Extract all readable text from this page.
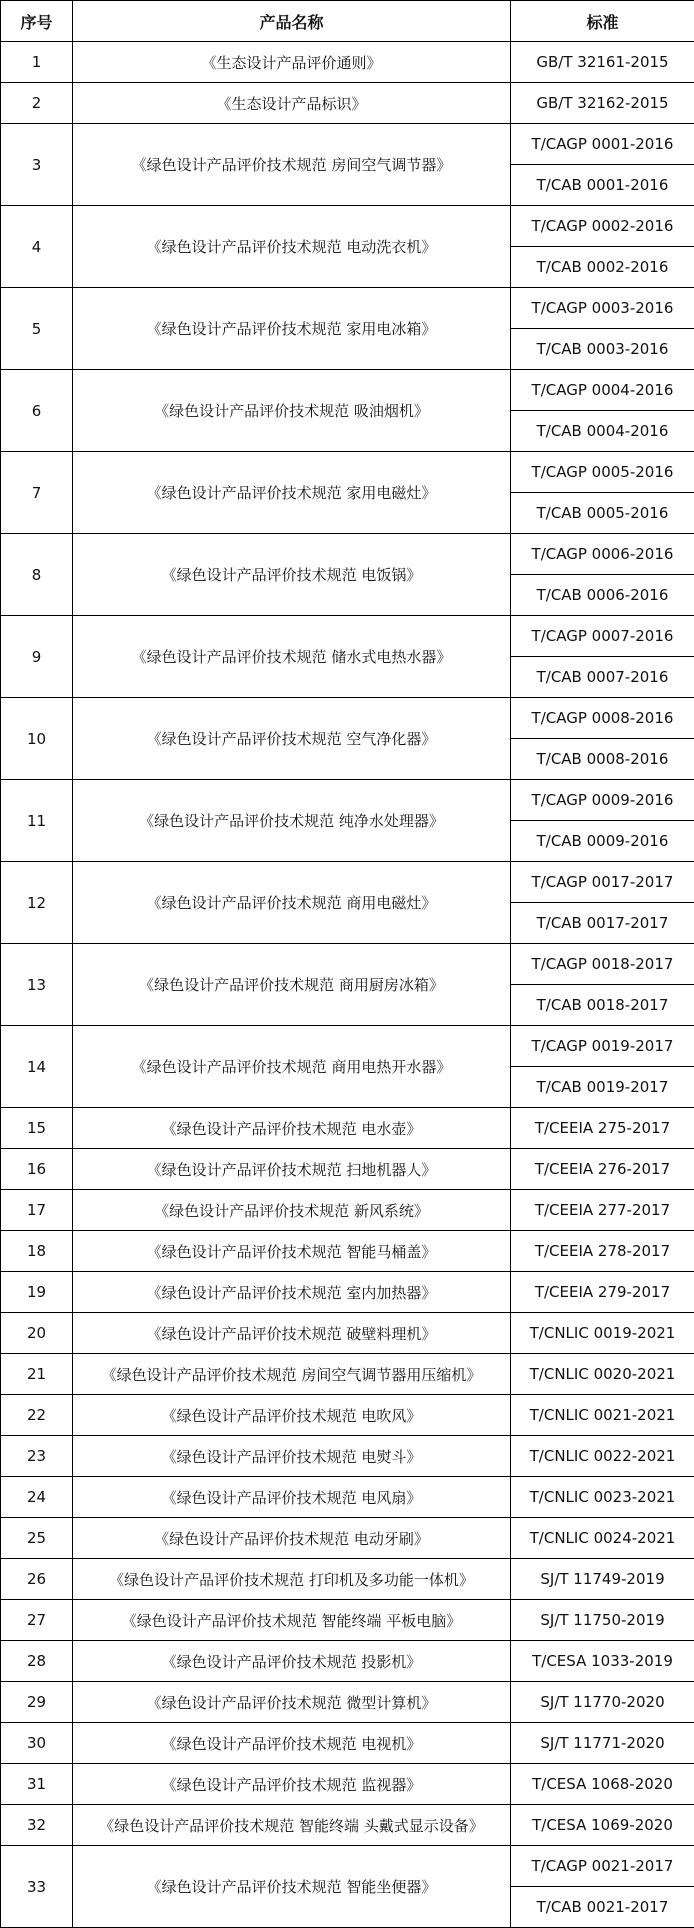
序号	产品名称	标准
1	《生态设计产品评价通则》	GB/T 32161-2015
2	《生态设计产品标识》	GB/T 32162-2015
3	《绿色设计产品评价技术规范 房间空气调节器》	T/CAGP 0001-2016
		T/CAB 0001-2016
4	《绿色设计产品评价技术规范 电动洗衣机》	T/CAGP 0002-2016
		T/CAB 0002-2016
5	《绿色设计产品评价技术规范 家用电冰箱》	T/CAGP 0003-2016
		T/CAB 0003-2016
6	《绿色设计产品评价技术规范 吸油烟机》	T/CAGP 0004-2016
		T/CAB 0004-2016
7	《绿色设计产品评价技术规范 家用电磁灶》	T/CAGP 0005-2016
		T/CAB 0005-2016
8	《绿色设计产品评价技术规范 电饭锅》	T/CAGP 0006-2016
		T/CAB 0006-2016
9	《绿色设计产品评价技术规范 储水式电热水器》	T/CAGP 0007-2016
		T/CAB 0007-2016
10	《绿色设计产品评价技术规范 空气净化器》	T/CAGP 0008-2016
		T/CAB 0008-2016
11	《绿色设计产品评价技术规范 纯净水处理器》	T/CAGP 0009-2016
		T/CAB 0009-2016
12	《绿色设计产品评价技术规范 商用电磁灶》	T/CAGP 0017-2017
		T/CAB 0017-2017
13	《绿色设计产品评价技术规范 商用厨房冰箱》	T/CAGP 0018-2017
		T/CAB 0018-2017
14	《绿色设计产品评价技术规范 商用电热开水器》	T/CAGP 0019-2017
		T/CAB 0019-2017
15	《绿色设计产品评价技术规范 电水壶》	T/CEEIA 275-2017
16	《绿色设计产品评价技术规范 扫地机器人》	T/CEEIA 276-2017
17	《绿色设计产品评价技术规范 新风系统》	T/CEEIA 277-2017
18	《绿色设计产品评价技术规范 智能马桶盖》	T/CEEIA 278-2017
19	《绿色设计产品评价技术规范 室内加热器》	T/CEEIA 279-2017
20	《绿色设计产品评价技术规范 破壁料理机》	T/CNLIC 0019-2021
21	《绿色设计产品评价技术规范 房间空气调节器用压缩机》	T/CNLIC 0020-2021
22	《绿色设计产品评价技术规范 电吹风》	T/CNLIC 0021-2021
23	《绿色设计产品评价技术规范 电熨斗》	T/CNLIC 0022-2021
24	《绿色设计产品评价技术规范 电风扇》	T/CNLIC 0023-2021
25	《绿色设计产品评价技术规范 电动牙刷》	T/CNLIC 0024-2021
26	《绿色设计产品评价技术规范 打印机及多功能一体机》	SJ/T 11749-2019
27	《绿色设计产品评价技术规范 智能终端 平板电脑》	SJ/T 11750-2019
28	《绿色设计产品评价技术规范 投影机》	T/CESA 1033-2019
29	《绿色设计产品评价技术规范 微型计算机》	SJ/T 11770-2020
30	《绿色设计产品评价技术规范 电视机》	SJ/T 11771-2020
31	《绿色设计产品评价技术规范 监视器》	T/CESA 1068-2020
32	《绿色设计产品评价技术规范 智能终端 头戴式显示设备》	T/CESA 1069-2020
33	《绿色设计产品评价技术规范 智能坐便器》	T/CAGP 0021-2017
		T/CAB 0021-2017
